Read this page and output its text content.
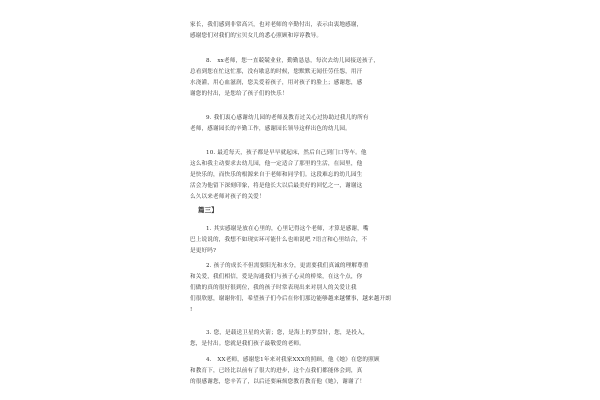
家长，我们感到非常高兴，也对老师的辛勤付出，表示由衷地感谢，
感谢您们对我们的宝贝女儿的悉心照顾和谆谆教导。
8.　xx老师，您一直兢兢业业，勤勤恳恳，每次去幼儿园接送孩子，
总看到您在忙这忙那，没有歇息的时候，您默默无闻任劳任怨，用汗
水浇灌，用心血滋润，您关爱着孩子，用对孩子的脸上；感谢您，感
谢您的付出，是您给了孩子们的快乐！
9. 我们衷心感谢幼儿园的老师及教育过关心过协助过我儿的所有
老师，感谢园长的辛勤工作，感谢园长领导这样出色的幼儿园。
10. 最近每天，孩子都是早早就起床，然后自己到门口等车。他
这么和我主动要求去幼儿园，他一定适合了那里的生活，在园里，他
是快乐的，而快乐的根源来自于老师和同学们。这段难忘的幼儿园生
活会为他留下深刻印象，将是他长大以后最美好的回忆之一，谢谢这
么久以来老师对孩子的关爱！
篇三】
1. 其实感谢是放在心里的，心里记得这个老师，才算是感谢，嘴
巴上说说的，我想不如现实环可能什么也咱说吧 ?语言和心里结合，不
是更好吗?
2. 孩子的成长不但需要阳光和水分，更需要我们真诚的理解尊重
和关爱，我们相信，爱是沟通我们与孩子心灵的桥梁，在这个点，你
们做的真的很好很到位，我的孩子时常表现出来对别人的关爱让我
们很欣慰，谢谢你们，希望孩子们今后在你们那边能够越来越懂事，越来越开朗
!
3. 您，是载送卫星的火箭；您，是海上的罗盘针，您，是投入，
您，是付出。您就是我们孩子最敬爱的老师。
4.　XX老师，感谢您1年来对我家XXX的照顾，他《她》在您的照顾
和教育下，已经比以前有了很大的进步，这个点我们都能体会到，真
的很感谢您，您辛苦了，以后还要麻烦您教育教育他《她》，谢谢了！
